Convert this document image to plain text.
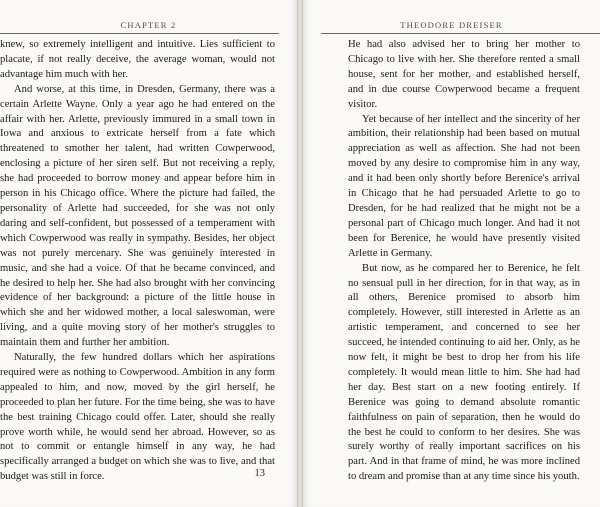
CHAPTER 2

knew, so extremely intelligent and intuitive. Lies sufficient to placate, if not really deceive, the average woman, would not advantage him much with her.

And worse, at this time, in Dresden, Germany, there was a certain Arlette Wayne. Only a year ago he had entered on the affair with her. Arlette, previously immured in a small town in Iowa and anxious to extricate herself from a fate which threatened to smother her talent, had written Cowperwood, enclosing a picture of her siren self. But not receiving a reply, she had proceeded to borrow money and appear before him in person in his Chicago office. Where the picture had failed, the personality of Arlette had succeeded, for she was not only daring and self-confident, but possessed of a temperament with which Cowperwood was really in sympathy. Besides, her object was not purely mercenary. She was genuinely interested in music, and she had a voice. Of that he became convinced, and he desired to help her. She had also brought with her convincing evidence of her background: a picture of the little house in which she and her widowed mother, a local saleswoman, were living, and a quite moving story of her mother's struggles to maintain them and further her ambition.

Naturally, the few hundred dollars which her aspirations required were as nothing to Cowperwood. Ambition in any form appealed to him, and now, moved by the girl herself, he proceeded to plan her future. For the time being, she was to have the best training Chicago could offer. Later, should she really prove worth while, he would send her abroad. However, so as not to commit or entangle himself in any way, he had specifically arranged a budget on which she was to live, and that budget was still in force.	13
THEODORE DREISER

He had also advised her to bring her mother to Chicago to live with her. She therefore rented a small house, sent for her mother, and established herself, and in due course Cowperwood became a frequent visitor.

Yet because of her intellect and the sincerity of her ambition, their relationship had been based on mutual appreciation as well as affection. She had not been moved by any desire to compromise him in any way, and it had been only shortly before Berenice's arrival in Chicago that he had persuaded Arlette to go to Dresden, for he had realized that he might not be a personal part of Chicago much longer. And had it not been for Berenice, he would have presently visited Arlette in Germany.

But now, as he compared her to Berenice, he felt no sensual pull in her direction, for in that way, as in all others, Berenice promised to absorb him completely. However, still interested in Arlette as an artistic temperament, and concerned to see her succeed, he intended continuing to aid her. Only, as he now felt, it might be best to drop her from his life completely. It would mean little to him. She had had her day. Best start on a new footing entirely. If Berenice was going to demand absolute romantic faithfulness on pain of separation, then he would do the best he could to conform to her desires. She was surely worthy of really important sacrifices on his part. And in that frame of mind, he was more inclined to dream and promise than at any time since his youth.
